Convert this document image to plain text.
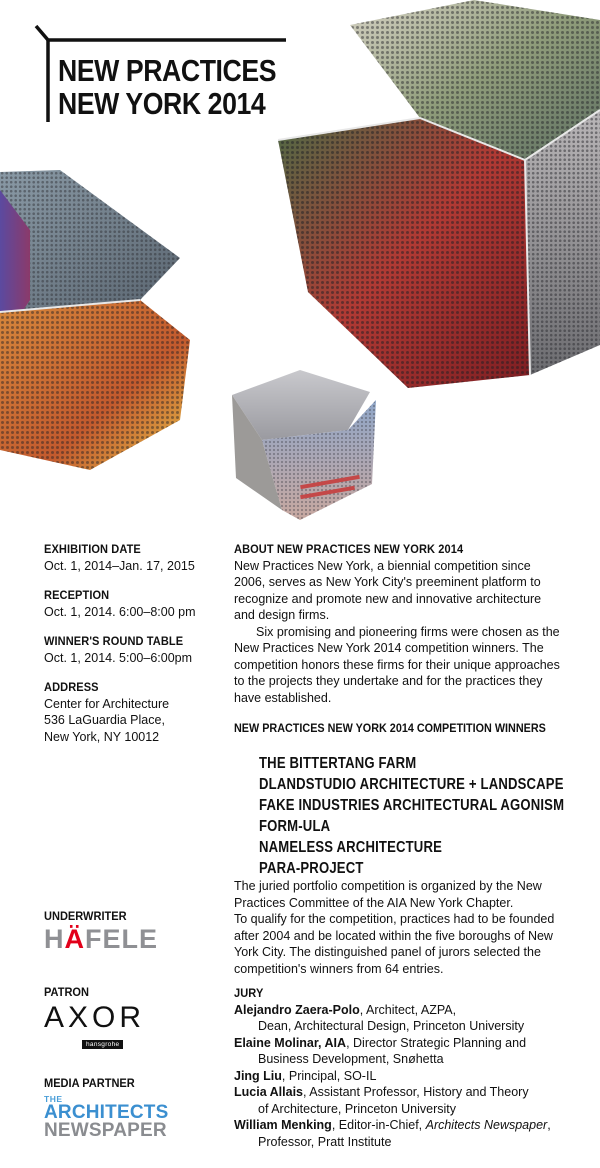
NEW PRACTICES
NEW YORK 2014
EXHIBITION DATE
Oct. 1, 2014–Jan. 17, 2015
RECEPTION
Oct. 1, 2014. 6:00–8:00 pm
WINNER'S ROUND TABLE
Oct. 1, 2014. 5:00–6:00pm
ADDRESS
Center for Architecture
536 LaGuardia Place,
New York, NY 10012
ABOUT NEW PRACTICES NEW YORK 2014

New Practices New York, a biennial competition since 2006, serves as New York City's preeminent platform to recognize and promote new and innovative architecture and design firms.

Six promising and pioneering firms were chosen as the New Practices New York 2014 competition winners. The competition honors these firms for their unique approaches to the projects they undertake and for the practices they have established.

NEW PRACTICES NEW YORK 2014 COMPETITION WINNERS
THE BITTERTANG FARM
DLANDSTUDIO ARCHITECTURE + LANDSCAPE
FAKE INDUSTRIES ARCHITECTURAL AGONISM
FORM-ULA
NAMELESS ARCHITECTURE
PARA-PROJECT

The juried portfolio competition is organized by the New Practices Committee of the AIA New York Chapter.

To qualify for the competition, practices had to be founded after 2004 and be located within the five boroughs of New York City. The distinguished panel of jurors selected the competition's winners from 64 entries.

JURY
Alejandro Zaera-Polo, Architect, AZPA,
Dean, Architectural Design, Princeton University
Elaine Molinar, AIA, Director Strategic Planning and
Business Development, Snøhetta
Jing Liu, Principal, SO-IL
Lucia Allais, Assistant Professor, History and Theory
of Architecture, Princeton University
William Menking, Editor-in-Chief, Architects Newspaper,
Professor, Pratt Institute
UNDERWRITER
HÄFELE
PATRON
AXOR
hansgrohe
MEDIA PARTNER
THE
ARCHITECTS
NEWSPAPER
